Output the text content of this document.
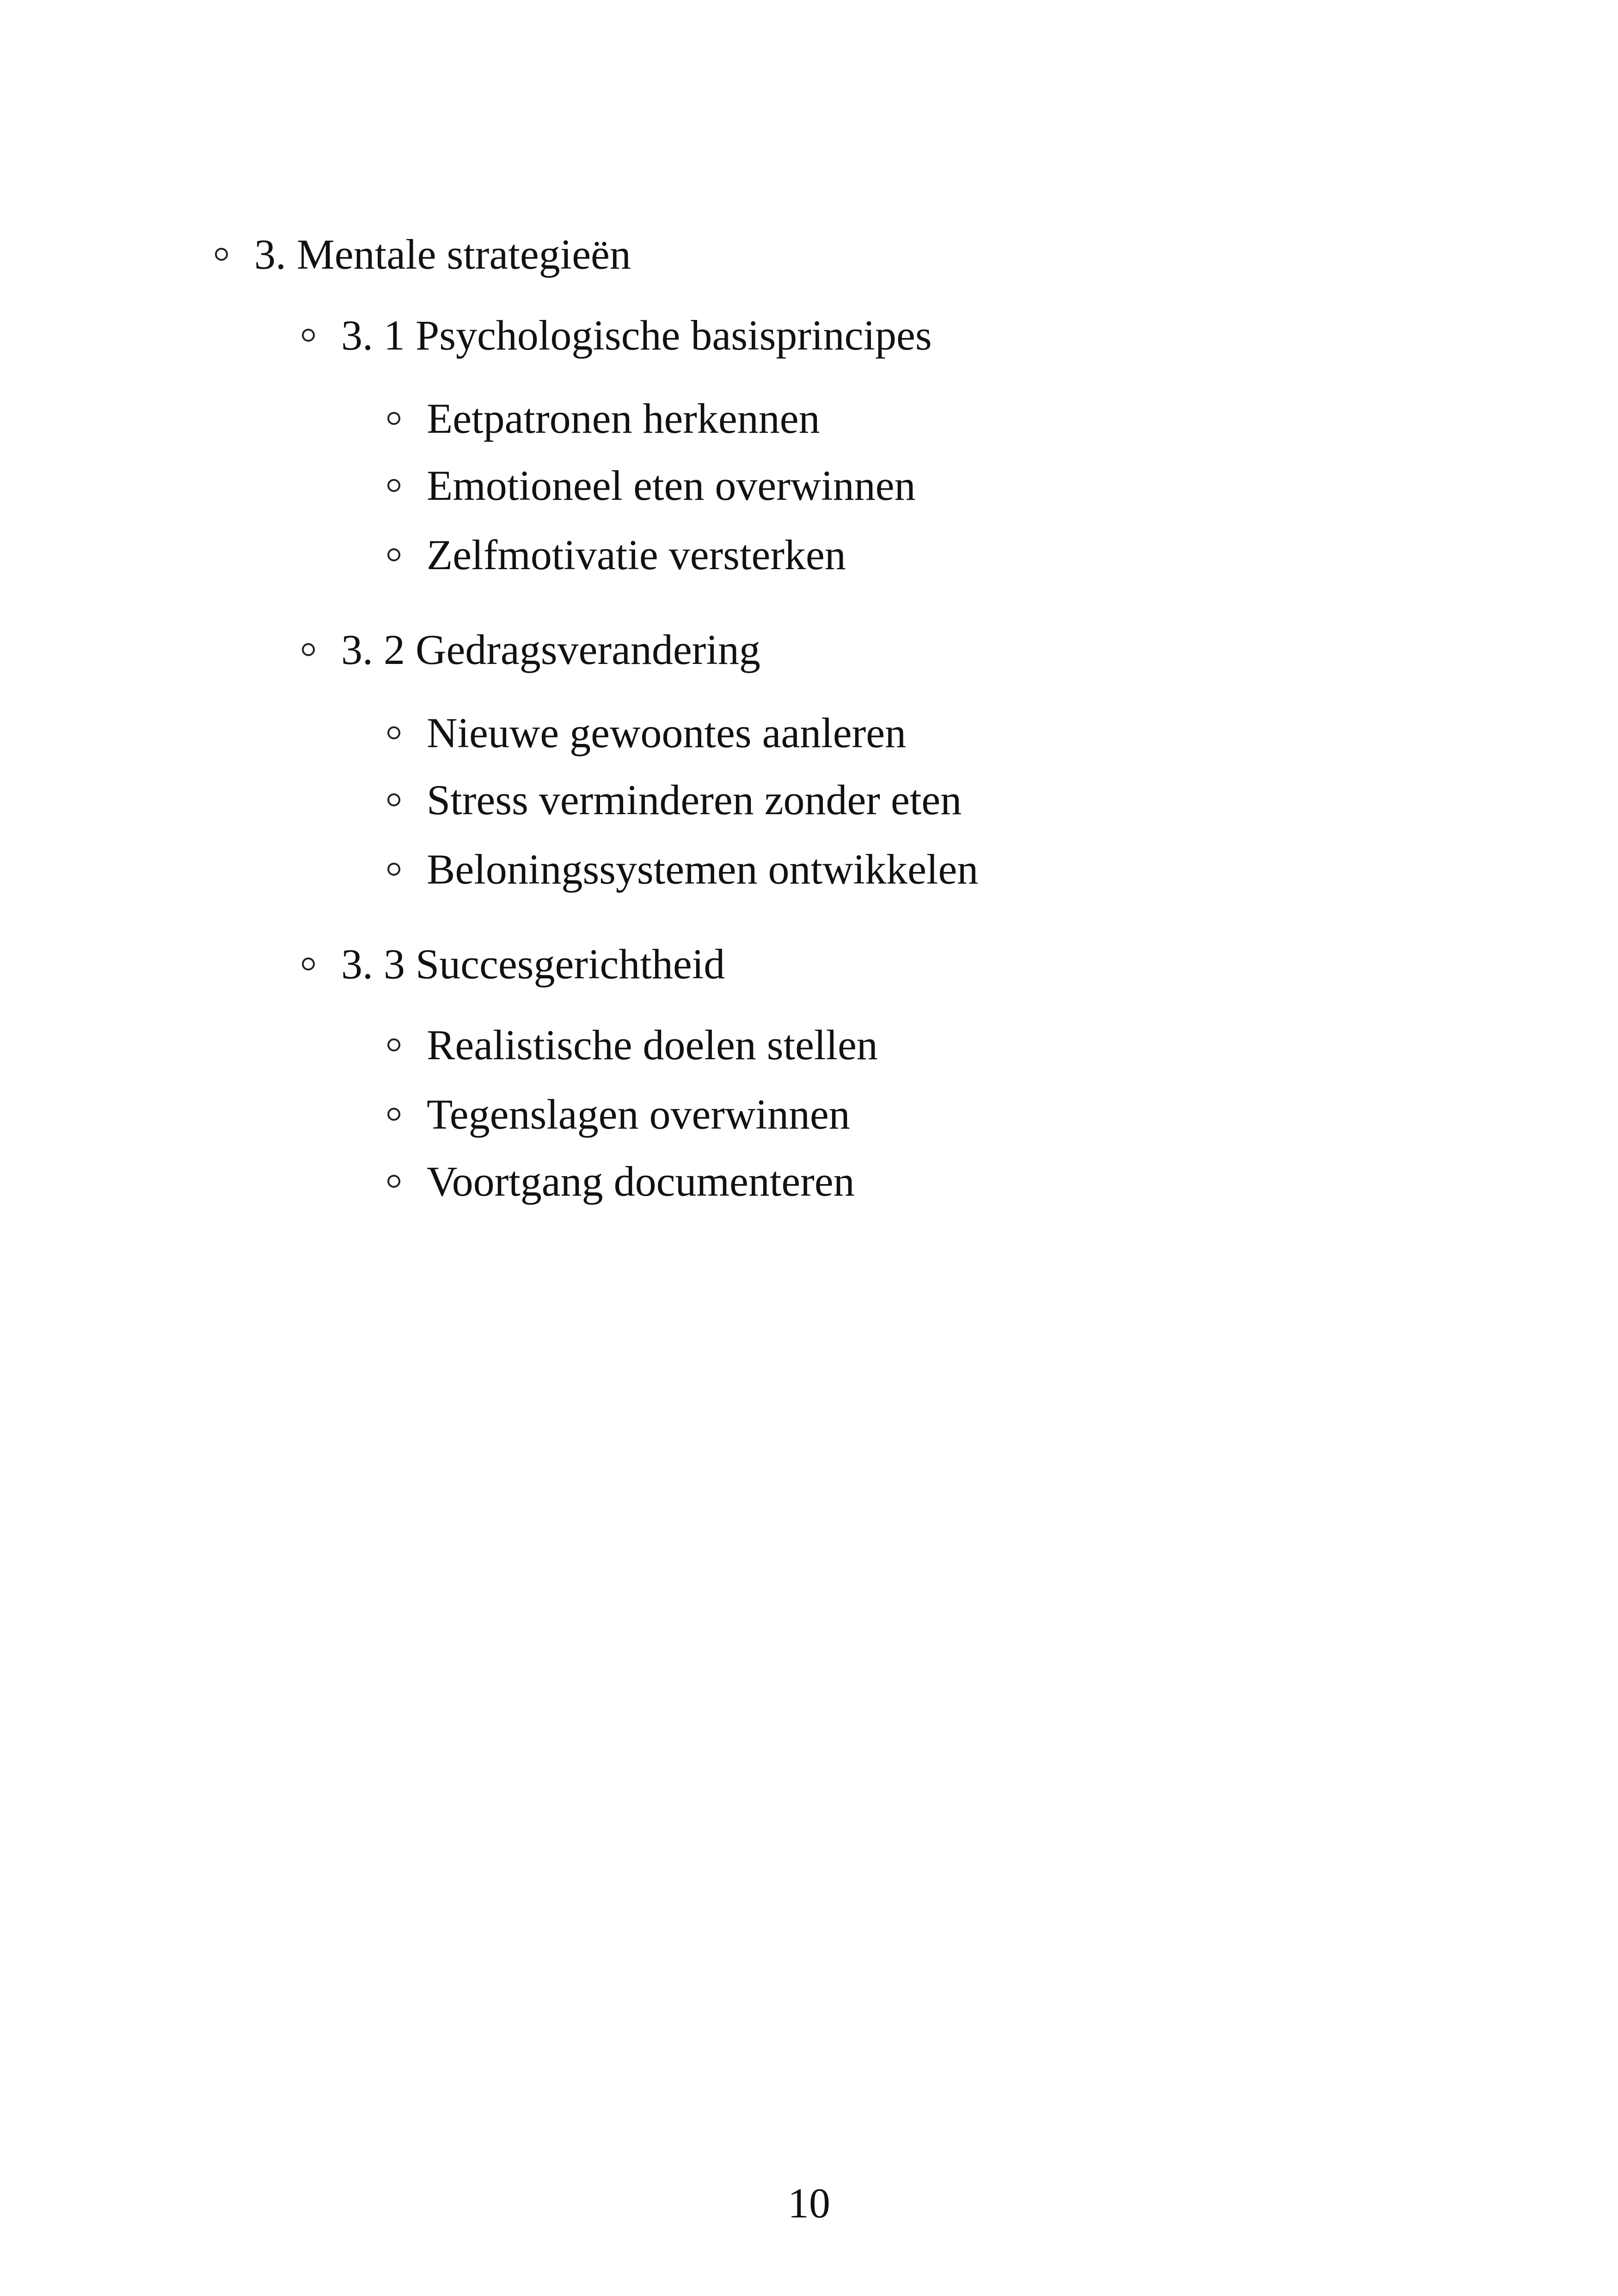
3. Mentale strategieën
3. 1 Psychologische basisprincipes
Eetpatronen herkennen
Emotioneel eten overwinnen
Zelfmotivatie versterken
3. 2 Gedragsverandering
Nieuwe gewoontes aanleren
Stress verminderen zonder eten
Beloningssystemen ontwikkelen
3. 3 Succesgerichtheid
Realistische doelen stellen
Tegenslagen overwinnen
Voortgang documenteren
10
